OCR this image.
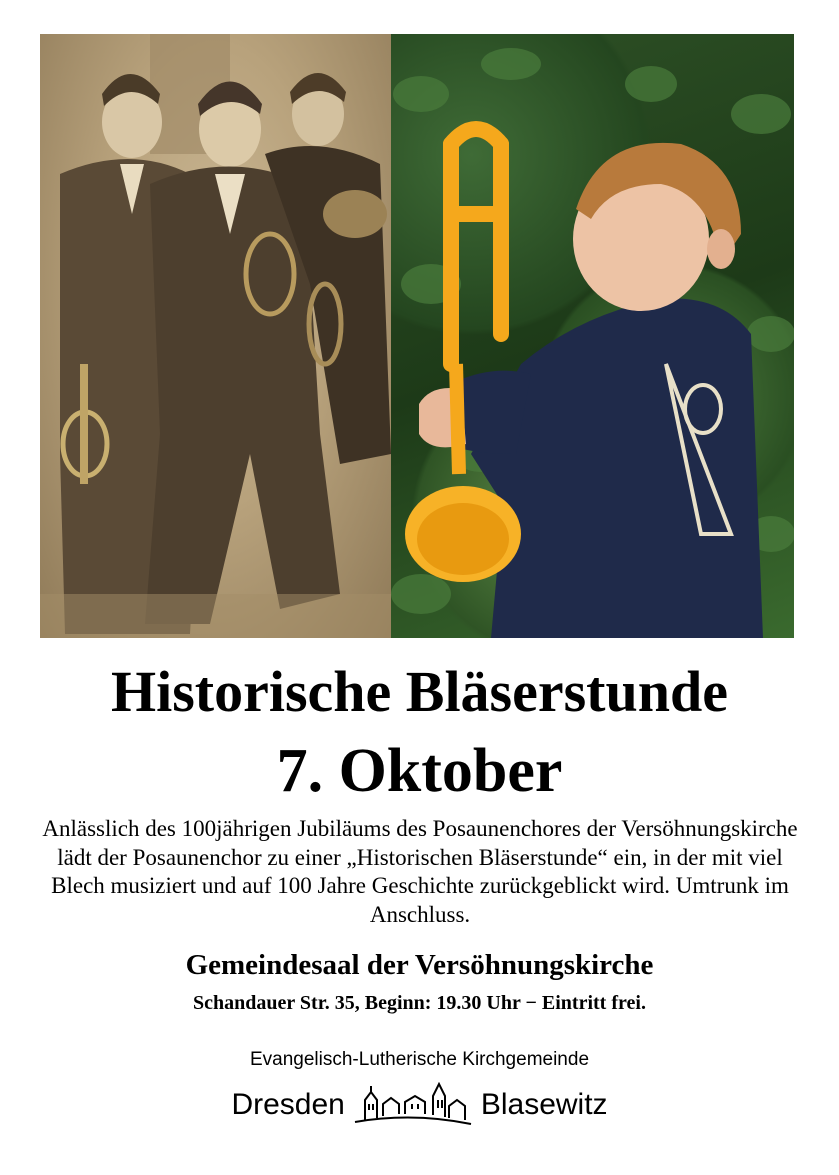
Historische Bläserstunde
7. Oktober
Anlässlich des 100jährigen Jubiläums des Posaunenchores der Versöhnungskirche lädt der Posaunenchor zu einer „Historischen Bläserstunde“ ein, in der mit viel Blech musiziert und auf 100 Jahre Geschichte zurückgeblickt wird. Umtrunk im Anschluss.
Gemeindesaal der Versöhnungskirche
Schandauer Str. 35, Beginn: 19.30 Uhr − Eintritt frei.
Evangelisch-Lutherische Kirchgemeinde
Dresden	Blasewitz
